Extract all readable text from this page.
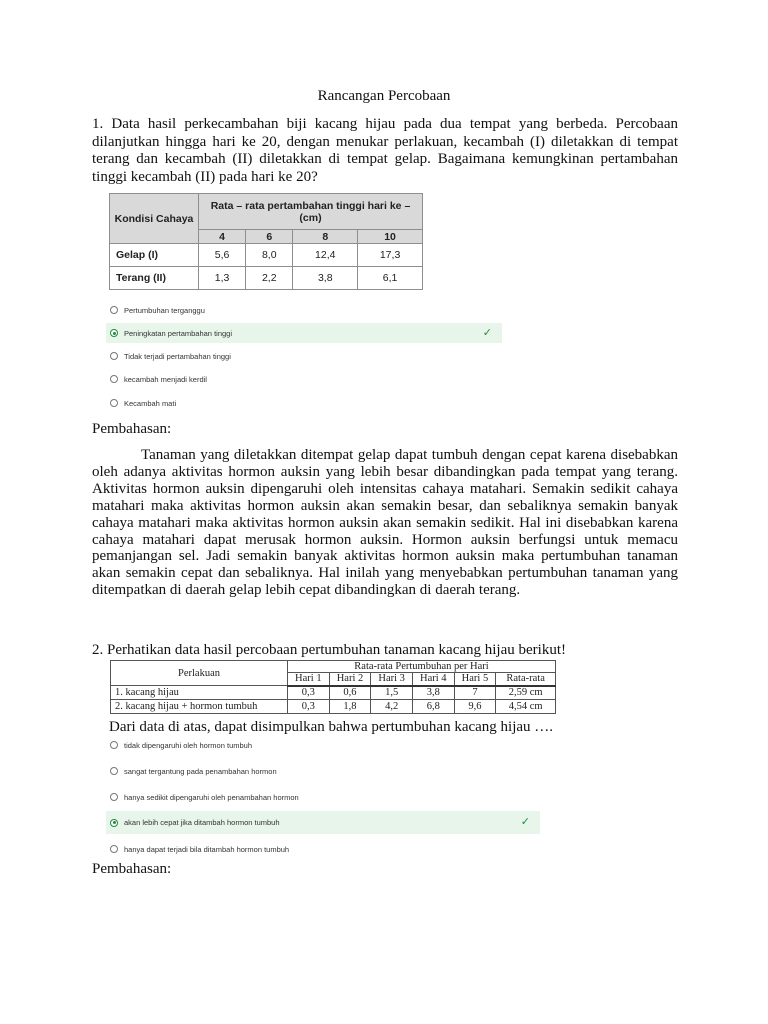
Rancangan Percobaan

1. Data hasil perkecambahan biji kacang hijau pada dua tempat yang berbeda. Percobaan dilanjutkan hingga hari ke 20, dengan menukar perlakuan, kecambah (I) diletakkan di tempat terang dan kecambah (II) diletakkan di tempat gelap. Bagaimana kemungkinan pertambahan tinggi kecambah (II) pada hari ke 20?

Kondisi Cahaya	Rata – rata pertambahan tinggi hari ke – (cm)			
	4	6	8	10
Gelap (I)	5,6	8,0	12,4	17,3
Terang (II)	1,3	2,2	3,8	6,1
Pertumbuhan terganggu
Peningkatan pertambahan tinggi	✓
Tidak terjadi pertambahan tinggi
kecambah menjadi kerdil
Kecambah mati
Pembahasan:

Tanaman yang diletakkan ditempat gelap dapat tumbuh dengan cepat karena disebabkan oleh adanya aktivitas hormon auksin yang lebih besar dibandingkan pada tempat yang terang. Aktivitas hormon auksin dipengaruhi oleh intensitas cahaya matahari. Semakin sedikit cahaya matahari maka aktivitas hormon auksin akan semakin besar, dan sebaliknya semakin banyak cahaya matahari maka aktivitas hormon auksin akan semakin sedikit. Hal ini disebabkan karena cahaya matahari dapat merusak hormon auksin. Hormon auksin berfungsi untuk memacu pemanjangan sel. Jadi semakin banyak aktivitas hormon auksin maka pertumbuhan tanaman akan semakin cepat dan sebaliknya. Hal inilah yang menyebabkan pertumbuhan tanaman yang ditempatkan di daerah gelap lebih cepat dibandingkan di daerah terang.

2. Perhatikan data hasil percobaan pertumbuhan tanaman kacang hijau berikut!
Perlakuan	Rata-rata Pertumbuhan per Hari					
	Hari 1	Hari 2	Hari 3	Hari 4	Hari 5	Rata-rata
1. kacang hijau	0,3	0,6	1,5	3,8	7	2,59 cm
2. kacang hijau + hormon tumbuh	0,3	1,8	4,2	6,8	9,6	4,54 cm
Dari data di atas, dapat disimpulkan bahwa pertumbuhan kacang hijau ….
tidak dipengaruhi oleh hormon tumbuh
sangat tergantung pada penambahan hormon
hanya sedikit dipengaruhi oleh penambahan hormon
akan lebih cepat jika ditambah hormon tumbuh	✓
hanya dapat terjadi bila ditambah hormon tumbuh
Pembahasan:
